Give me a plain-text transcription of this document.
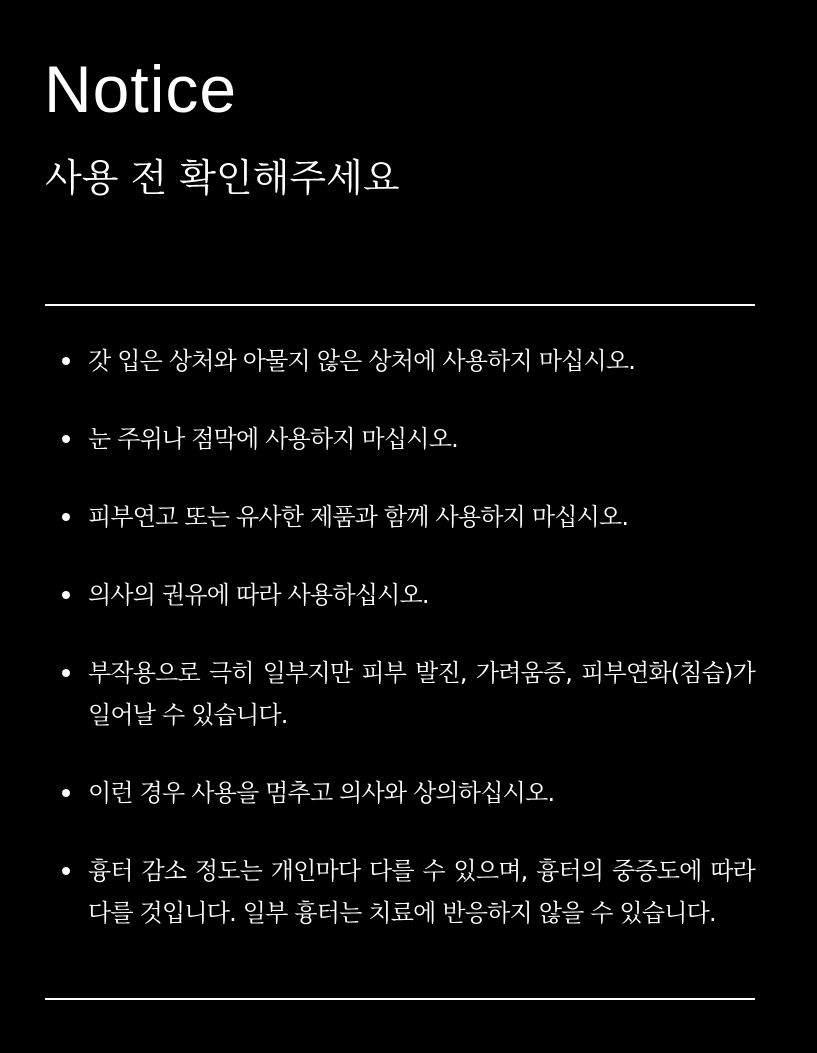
Notice
사용 전 확인해주세요
갓 입은 상처와 아물지 않은 상처에 사용하지 마십시오.
눈 주위나 점막에 사용하지 마십시오.
피부연고 또는 유사한 제품과 함께 사용하지 마십시오.
의사의 권유에 따라 사용하십시오.
부작용으로 극히 일부지만 피부 발진, 가려움증, 피부연화(침습)가 일어날 수 있습니다.
이런 경우 사용을 멈추고 의사와 상의하십시오.
흉터 감소 정도는 개인마다 다를 수 있으며, 흉터의 중증도에 따라 다를 것입니다. 일부 흉터는 치료에 반응하지 않을 수 있습니다.
